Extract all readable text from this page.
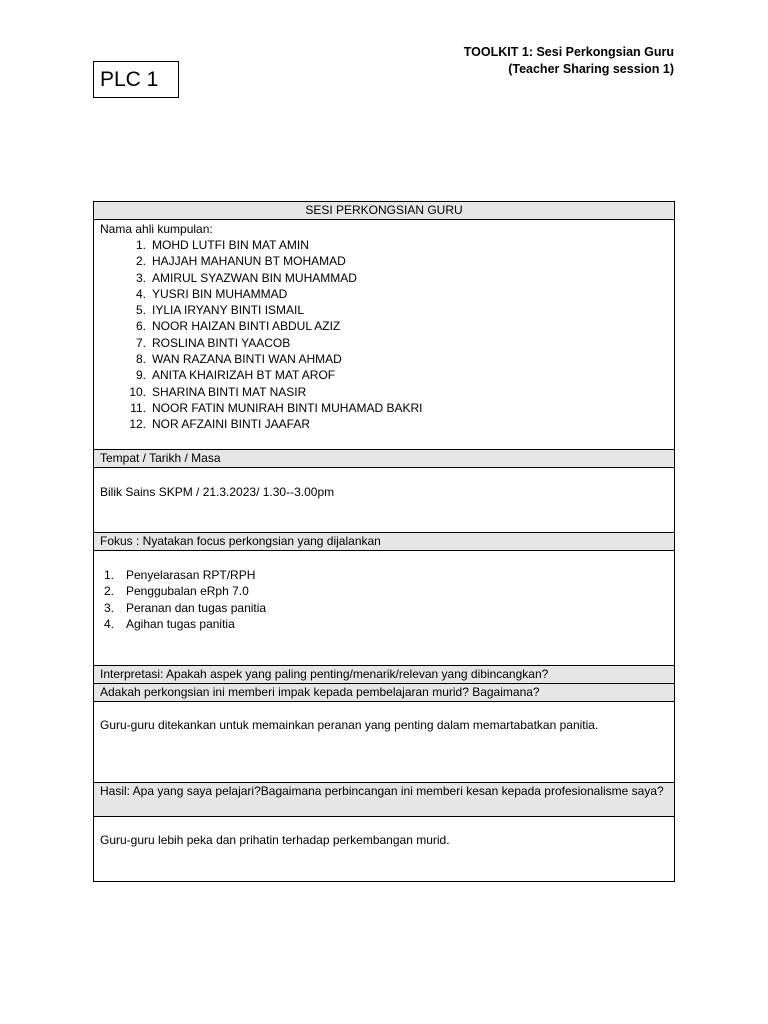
TOOLKIT 1: Sesi Perkongsian Guru
(Teacher Sharing session 1)
PLC 1
SESI PERKONGSIAN GURU
Nama ahli kumpulan:
1. MOHD LUTFI BIN MAT AMIN
2. HAJJAH MAHANUN BT MOHAMAD
3. AMIRUL SYAZWAN BIN MUHAMMAD
4. YUSRI BIN MUHAMMAD
5. IYLIA IRYANY BINTI ISMAIL
6. NOOR HAIZAN BINTI ABDUL AZIZ
7. ROSLINA BINTI YAACOB
8. WAN RAZANA BINTI WAN AHMAD
9. ANITA KHAIRIZAH BT MAT AROF
10. SHARINA BINTI MAT NASIR
11. NOOR FATIN MUNIRAH BINTI MUHAMAD BAKRI
12. NOR AFZAINI BINTI JAAFAR
Tempat / Tarikh / Masa
Bilik Sains SKPM / 21.3.2023/ 1.30--3.00pm
Fokus : Nyatakan focus perkongsian yang dijalankan
1. Penyelarasan RPT/RPH
2. Penggubalan eRph 7.0
3. Peranan dan tugas panitia
4. Agihan tugas panitia
Interpretasi: Apakah aspek yang paling penting/menarik/relevan yang dibincangkan?
Adakah perkongsian ini memberi impak kepada pembelajaran murid? Bagaimana?
Guru-guru ditekankan untuk memainkan peranan yang penting dalam memartabatkan panitia.
Hasil: Apa yang saya pelajari?Bagaimana perbincangan ini memberi kesan kepada profesionalisme saya?
Guru-guru lebih peka dan prihatin terhadap perkembangan murid.
